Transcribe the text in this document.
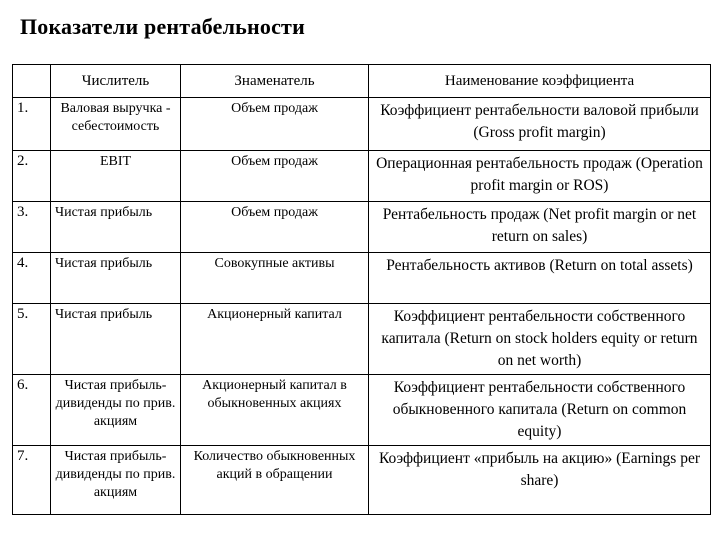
Показатели рентабельности
	Числитель	Знаменатель	Наименование коэффициента
1.	Валовая выручка - себестоимость	Объем продаж	Коэффициент рентабельности валовой прибыли (Gross profit margin)
2.	EBIT	Объем продаж	Операционная рентабельность продаж (Operation profit margin or ROS)
3.	Чистая прибыль	Объем продаж	Рентабельность продаж (Net profit margin or net return on sales)
4.	Чистая прибыль	Совокупные активы	Рентабельность активов (Return on total assets)
5.	Чистая прибыль	Акционерный капитал	Коэффициент рентабельности собственного капитала (Return on stock holders equity or return on net worth)
6.	Чистая прибыль-дивиденды по прив. акциям	Акционерный капитал в обыкновенных акциях	Коэффициент рентабельности собственного обыкновенного капитала (Return on common equity)
7.	Чистая прибыль-дивиденды по прив. акциям	Количество обыкновенных акций в обращении	Коэффициент «прибыль на акцию» (Earnings per share)
